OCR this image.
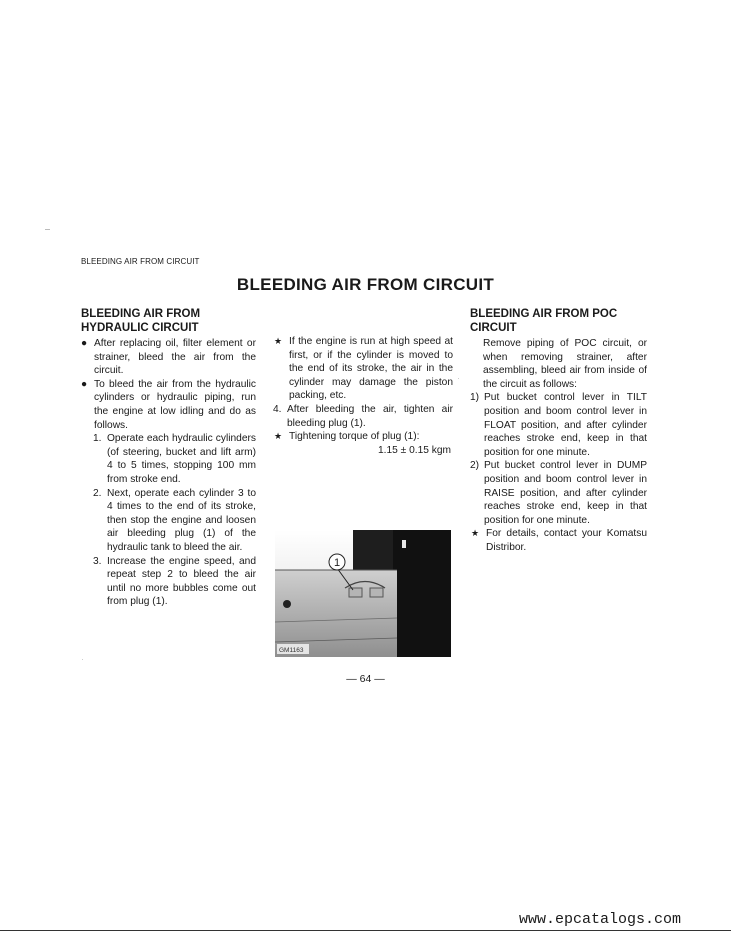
BLEEDING AIR FROM CIRCUIT
BLEEDING AIR FROM CIRCUIT
BLEEDING AIR FROM
HYDRAULIC CIRCUIT
● After replacing oil, filter element or strainer, bleed the air from the circuit.
● To bleed the air from the hydraulic cylinders or hydraulic piping, run the engine at low idling and do as follows.
1. Operate each hydraulic cylinders (of steering, bucket and lift arm) 4 to 5 times, stopping 100 mm from stroke end.
2. Next, operate each cylinder 3 to 4 times to the end of its stroke, then stop the engine and loosen air bleeding plug (1) of the hydraulic tank to bleed the air.
3. Increase the engine speed, and repeat step 2 to bleed the air until no more bubbles come out from plug (1).
★ If the engine is run at high speed at first, or if the cylinder is moved to the end of its stroke, the air in the cylinder may damage the piston packing, etc.
4. After bleeding the air, tighten air bleeding plug (1).
★ Tightening torque of plug (1):
1.15 ± 0.15 kgm
1
GM1163
BLEEDING AIR FROM POC
CIRCUIT
Remove piping of POC circuit, or when removing strainer, after assembling, bleed air from inside of the circuit as follows:
1) Put bucket control lever in TILT position and boom control lever in FLOAT position, and after cylinder reaches stroke end, keep in that position for one minute.
2) Put bucket control lever in DUMP position and boom control lever in RAISE position, and after cylinder reaches stroke end, keep in that position for one minute.
★ For details, contact your Komatsu Distribor.
— 64 —
www.epcatalogs.com
